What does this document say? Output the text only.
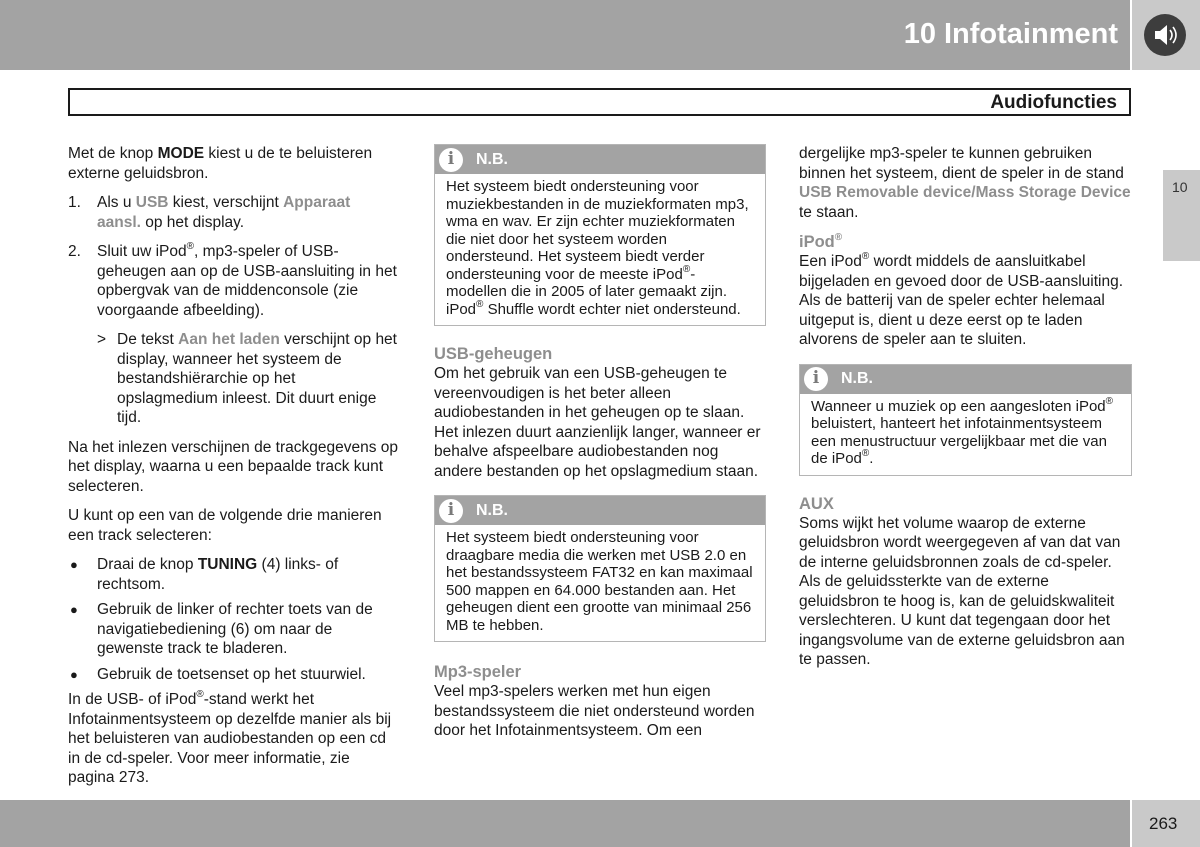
10 Infotainment
Audiofuncties
10

Met de knop MODE kiest u de te beluisteren externe geluidsbron.

1.	Als u USB kiest, verschijnt Apparaat aansl. op het display.
2.	Sluit uw iPod®, mp3-speler of USB-geheugen aan op de USB-aansluiting in het opbergvak van de middenconsole (zie voorgaande afbeelding).
> De tekst Aan het laden verschijnt op het display, wanneer het systeem de bestandshiërarchie op het opslagmedium inleest. Dit duurt enige tijd.

Na het inlezen verschijnen de trackgegevens op het display, waarna u een bepaalde track kunt selecteren.

U kunt op een van de volgende drie manieren een track selecteren:

●	Draai de knop TUNING (4) links- of rechtsom.
●	Gebruik de linker of rechter toets van de navigatiebediening (6) om naar de gewenste track te bladeren.
●	Gebruik de toetsenset op het stuurwiel.

In de USB- of iPod®-stand werkt het Infotainmentsysteem op dezelfde manier als bij het beluisteren van audiobestanden op een cd in de cd-speler. Voor meer informatie, zie pagina 273.

i	N.B.
Het systeem biedt ondersteuning voor muziekbestanden in de muziekformaten mp3, wma en wav. Er zijn echter muziekformaten die niet door het systeem worden ondersteund. Het systeem biedt verder ondersteuning voor de meeste iPod®-modellen die in 2005 of later gemaakt zijn. iPod® Shuffle wordt echter niet ondersteund.
USB-geheugen

Om het gebruik van een USB-geheugen te vereenvoudigen is het beter alleen audiobestanden in het geheugen op te slaan. Het inlezen duurt aanzienlijk langer, wanneer er behalve afspeelbare audiobestanden nog andere bestanden op het opslagmedium staan.

i	N.B.
Het systeem biedt ondersteuning voor draagbare media die werken met USB 2.0 en het bestandssysteem FAT32 en kan maximaal 500 mappen en 64.000 bestanden aan. Het geheugen dient een grootte van minimaal 256 MB te hebben.
Mp3-speler

Veel mp3-spelers werken met hun eigen bestandssysteem die niet ondersteund worden door het Infotainmentsysteem. Om een

dergelijke mp3-speler te kunnen gebruiken binnen het systeem, dient de speler in de stand USB Removable device/Mass Storage Device te staan.

iPod®

Een iPod® wordt middels de aansluitkabel bijgeladen en gevoed door de USB-aansluiting. Als de batterij van de speler echter helemaal uitgeput is, dient u deze eerst op te laden alvorens de speler aan te sluiten.

i	N.B.
Wanneer u muziek op een aangesloten iPod® beluistert, hanteert het infotainmentsysteem een menustructuur vergelijkbaar met die van de iPod®.
AUX

Soms wijkt het volume waarop de externe geluidsbron wordt weergegeven af van dat van de interne geluidsbronnen zoals de cd-speler. Als de geluidssterkte van de externe geluidsbron te hoog is, kan de geluidskwaliteit verslechteren. U kunt dat tegengaan door het ingangsvolume van de externe geluidsbron aan te passen.

263
